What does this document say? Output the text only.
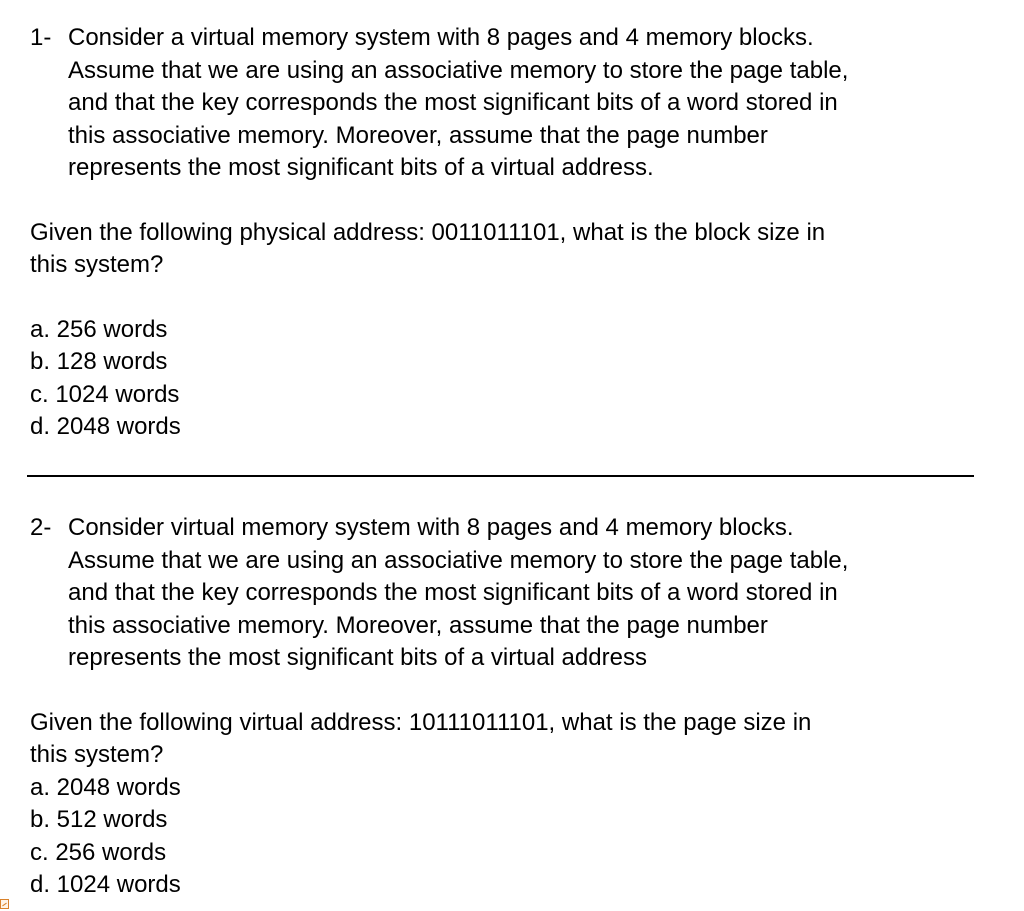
1- Consider a virtual memory system with 8 pages and 4 memory blocks.
Assume that we are using an associative memory to store the page table,
and that the key corresponds the most significant bits of a word stored in
this associative memory. Moreover, assume that the page number
represents the most significant bits of a virtual address.
Given the following physical address: 0011011101, what is the block size in
this system?
a. 256 words
b. 128 words
c. 1024 words
d. 2048 words
2- Consider virtual memory system with 8 pages and 4 memory blocks.
Assume that we are using an associative memory to store the page table,
and that the key corresponds the most significant bits of a word stored in
this associative memory. Moreover, assume that the page number
represents the most significant bits of a virtual address
Given the following virtual address: 10111011101, what is the page size in
this system?
a. 2048 words
b. 512 words
c. 256 words
d. 1024 words
